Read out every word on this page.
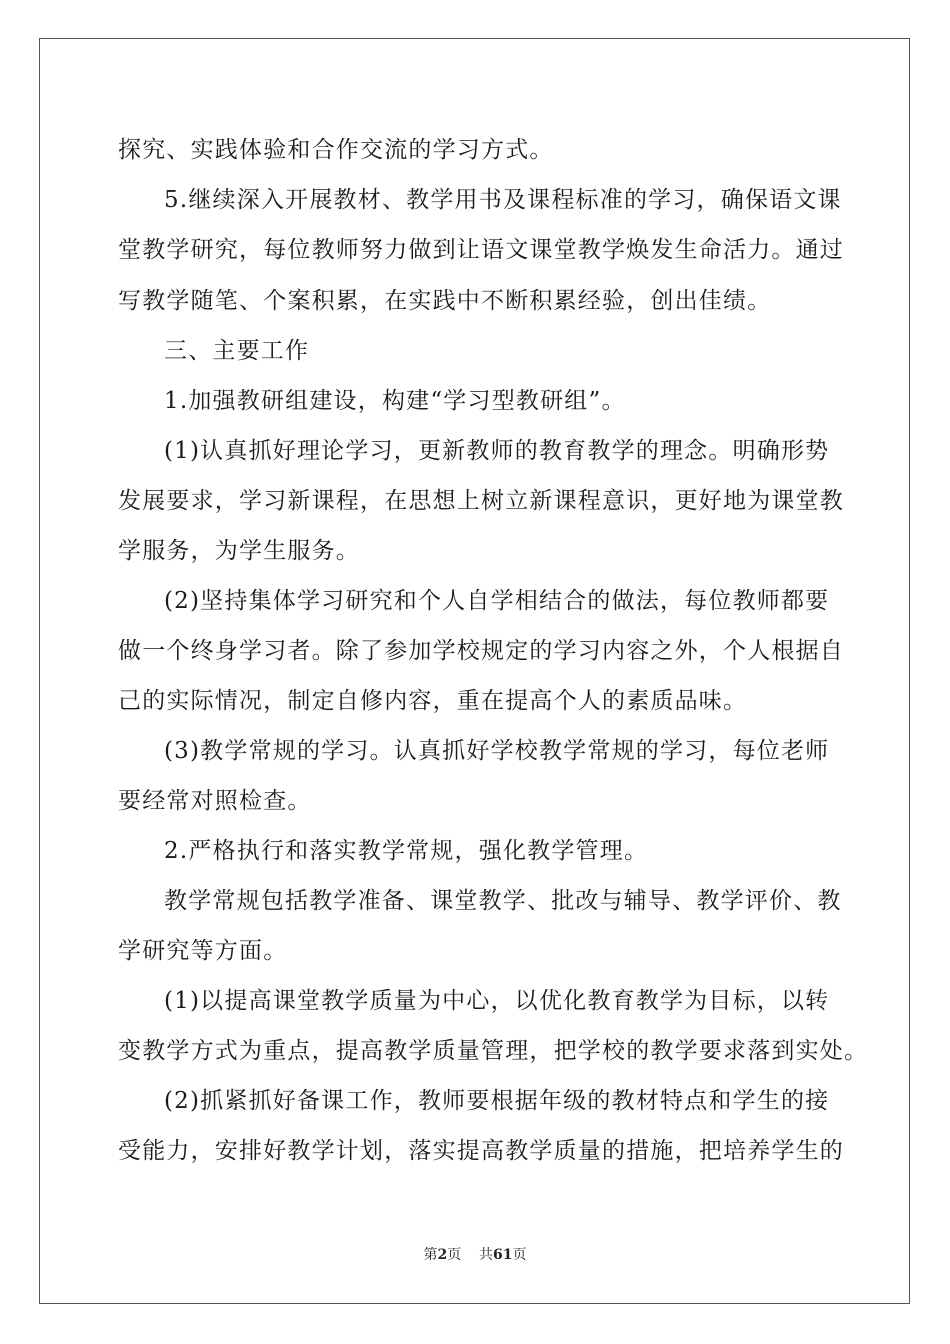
探究、实践体验和合作交流的学习方式。
5.继续深入开展教材、教学用书及课程标准的学习，确保语文课
堂教学研究，每位教师努力做到让语文课堂教学焕发生命活力。通过
写教学随笔、个案积累，在实践中不断积累经验，创出佳绩。
三、主要工作
1.加强教研组建设，构建“学习型教研组”。
(1)认真抓好理论学习，更新教师的教育教学的理念。明确形势
发展要求，学习新课程，在思想上树立新课程意识，更好地为课堂教
学服务，为学生服务。
(2)坚持集体学习研究和个人自学相结合的做法，每位教师都要
做一个终身学习者。除了参加学校规定的学习内容之外，个人根据自
己的实际情况，制定自修内容，重在提高个人的素质品味。
(3)教学常规的学习。认真抓好学校教学常规的学习，每位老师
要经常对照检查。
2.严格执行和落实教学常规，强化教学管理。
教学常规包括教学准备、课堂教学、批改与辅导、教学评价、教
学研究等方面。
(1)以提高课堂教学质量为中心，以优化教育教学为目标，以转
变教学方式为重点，提高教学质量管理，把学校的教学要求落到实处。
(2)抓紧抓好备课工作，教师要根据年级的教材特点和学生的接
受能力，安排好教学计划，落实提高教学质量的措施，把培养学生的
第2页 共61页
